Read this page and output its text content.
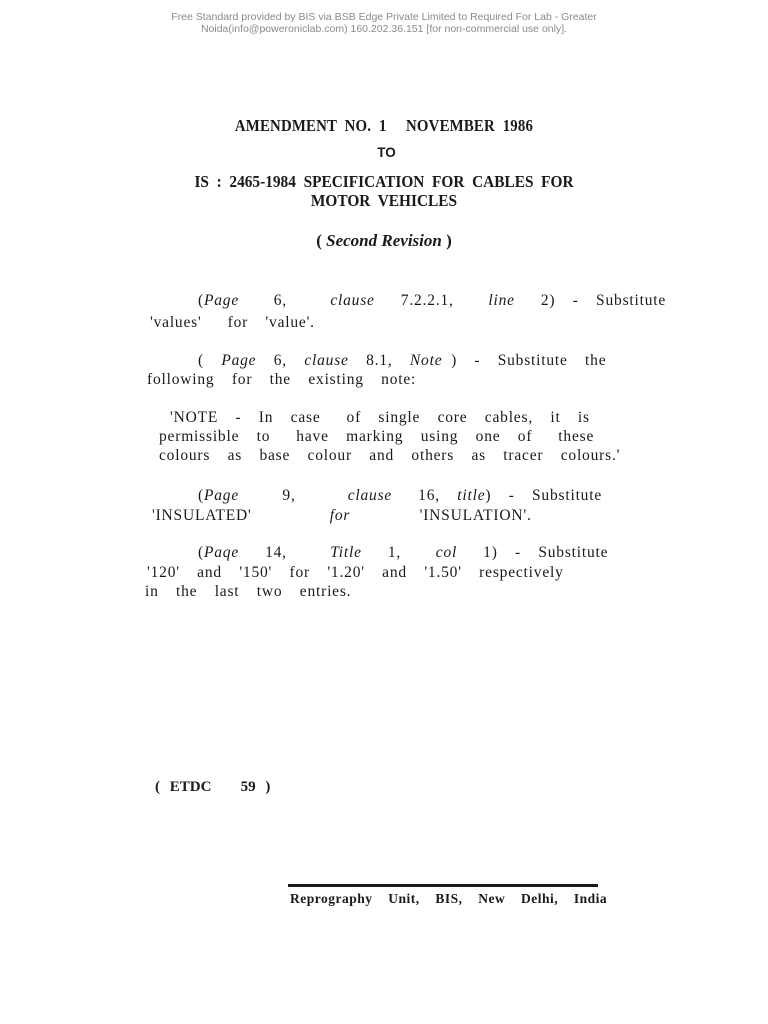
Free Standard provided by BIS via BSB Edge Private Limited to Required For Lab - Greater
Noida(info@poweroniclab.com) 160.202.36.151 [for non-commercial use only].
AMENDMENT  NO.  1     NOVEMBER  1986
TO
IS  :  2465-1984  SPECIFICATION  FOR  CABLES  FOR
MOTOR  VEHICLES
( Second Revision )
(Page 6,	clause 7.2.2.1, line 2) -  Substitute
'values'   for  'value'.
(  Page 6, clause 8.1, Note )  -  Substitute  the
following  for  the  existing  note:
'NOTE  -  In  case   of  single  core  cables,  it  is
permissible  to   have  marking  using  one  of   these
colours  as  base  colour  and  others  as  tracer  colours.'
(Page	9,	clause 16, title)  -  Substitute
'INSULATED'	for	'INSULATION'.
(Paqe 14,	Title 1, col 1) -  Substitute
'120'  and  '150'  for  '1.20'  and  '1.50'  respectively
in  the  last  two  entries.
( ETDC   59 )
Reprography  Unit,  BIS,  New  Delhi,  India
